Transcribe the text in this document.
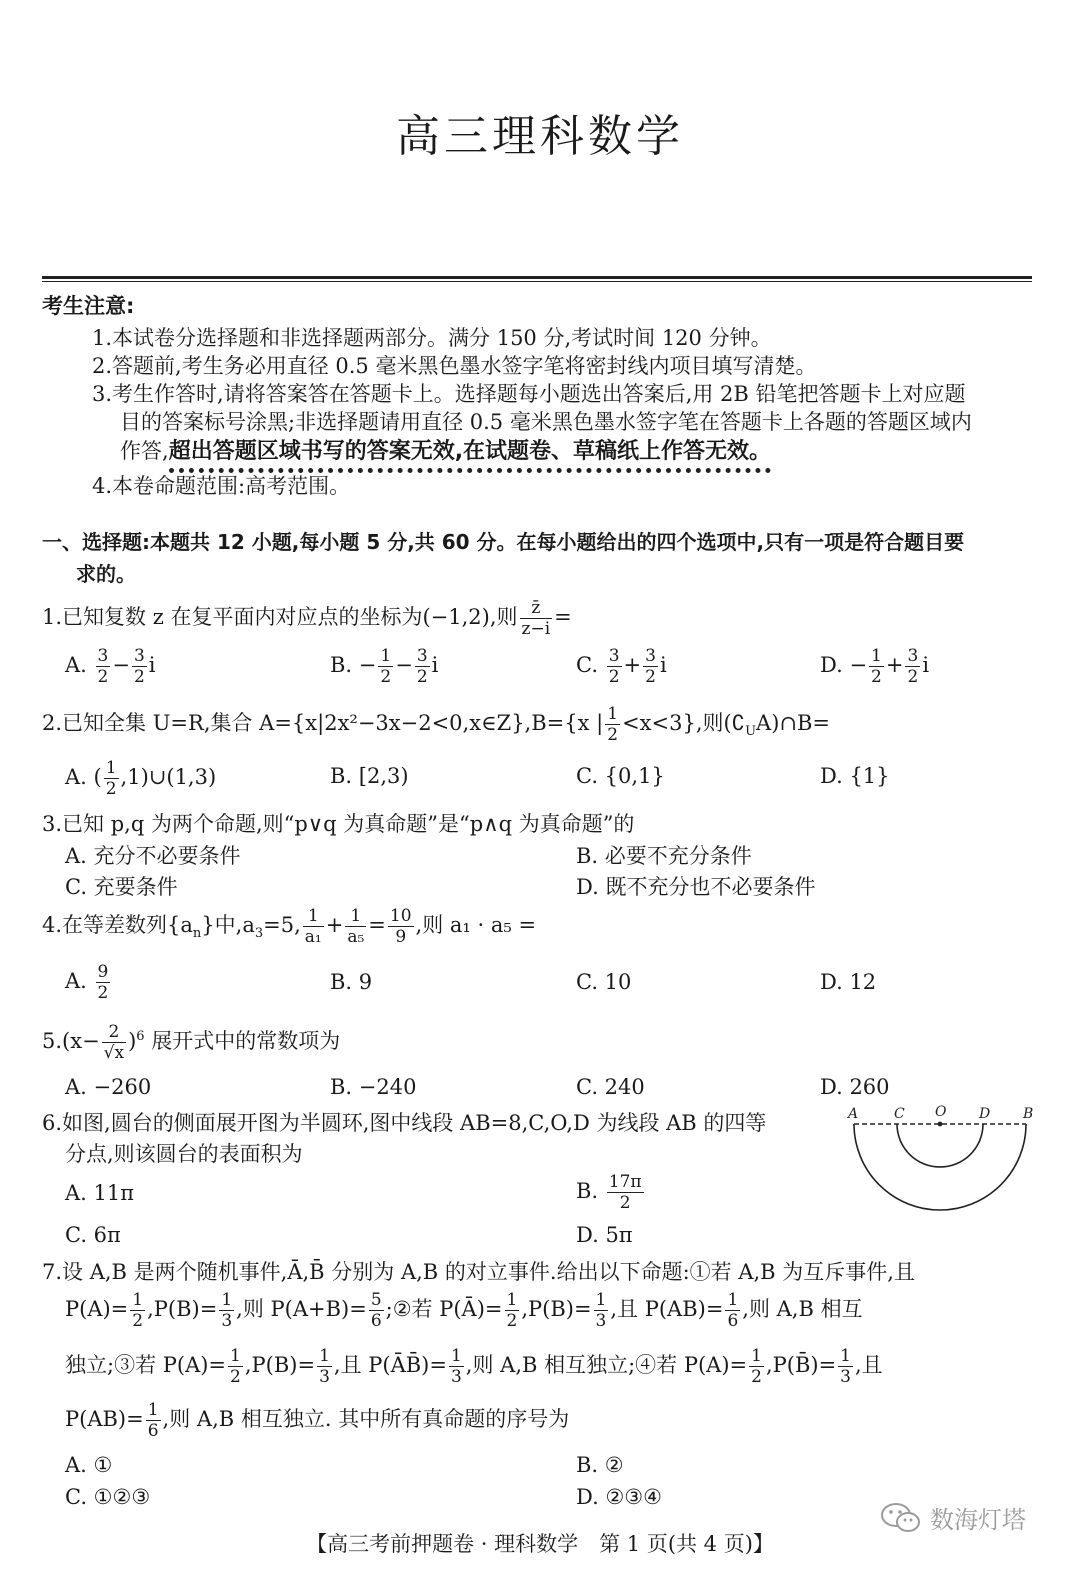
高三理科数学
考生注意:
1.本试卷分选择题和非选择题两部分。满分 150 分,考试时间 120 分钟。
2.答题前,考生务必用直径 0.5 毫米黑色墨水签字笔将密封线内项目填写清楚。
3.考生作答时,请将答案答在答题卡上。选择题每小题选出答案后,用 2B 铅笔把答题卡上对应题
目的答案标号涂黑;非选择题请用直径 0.5 毫米黑色墨水签字笔在答题卡上各题的答题区域内
作答,超出答题区域书写的答案无效,在试题卷、草稿纸上作答无效。
4.本卷命题范围:高考范围。
一、选择题:本题共 12 小题,每小题 5 分,共 60 分。在每小题给出的四个选项中,只有一项是符合题目要
求的。
1.已知复数 z 在复平面内对应点的坐标为(−1,2),则 $\frac{z̄}{z-i}$ =
A. $\frac{3}{2} - \frac{3}{2}$ i	B. − $\frac{1}{2} - \frac{3}{2}$ i	C. $\frac{3}{2} + \frac{3}{2}$ i	D. − $\frac{1}{2} + \frac{3}{2}$ i
2.已知全集 U=R,集合 A={x|2x²−3x−2<0,x∈Z},B={x | $\frac{1}{2} <x<3$},则$(∁_UA)\cap B=$
A. ( $\frac{1}{2}$ ,1)∪(1,3)	B. [2,3)	C. {0,1}	D. {1}
3.已知 p,q 为两个命题,则“p∨q 为真命题”是“p∧q 为真命题”的
A. 充分不必要条件	B. 必要不充分条件
C. 充要条件	D. 既不充分也不必要条件
4.在等差数列$\{a_n\}$中$,a_3=5$, $\frac{1}{\text{a₁}} + \frac{1}{\text{a₅}} = \frac{10}{9}$ ,则 a₁ · a₅ =
A. $\frac{9}{2}$	B. 9	C. 10	D. 12
$5.(x- \frac{2}{√x} )^6$ 展开式中的常数项为
A. −260	B. −240	C. 240	D. 260
6.如图,圆台的侧面展开图为半圆环,图中线段 AB=8,C,O,D 为线段 AB 的四等
分点,则该圆台的表面积为
A. 11π	B. $\frac{17\pi}{2}$
C. 6π	D. 5π
A	C O D B
7.设 A,B 是两个随机事件,Ā,B̄ 分别为 A,B 的对立事件.给出以下命题:①若 A,B 为互斥事件,且
$P(A)= \frac{1}{2} ,P(B)= \frac{1}{3}$ ,则 $P(A+B)= \frac{5}{6}$ ;②若 P(Ā)= $\frac{1}{2} ,P(B)= \frac{1}{3}$ ,且 $P(AB)= \frac{1}{6}$ ,则 A,B 相互
独立;③若 $P(A)= \frac{1}{2} ,P(B)= \frac{1}{3}$ ,且 P(ĀB̄)= $\frac{1}{3}$ ,则 A,B 相互独立;④若 $P(A)= \frac{1}{2}$ ,P(B̄)= $\frac{1}{3}$ ,且
$P(AB)= \frac{1}{6}$ ,则 A,B 相互独立. 其中所有真命题的序号为
A. ①	B. ②
C. ①②③	D. ②③④
数海灯塔
【高三考前押题卷 · 理科数学　第 1 页(共 4 页)】
